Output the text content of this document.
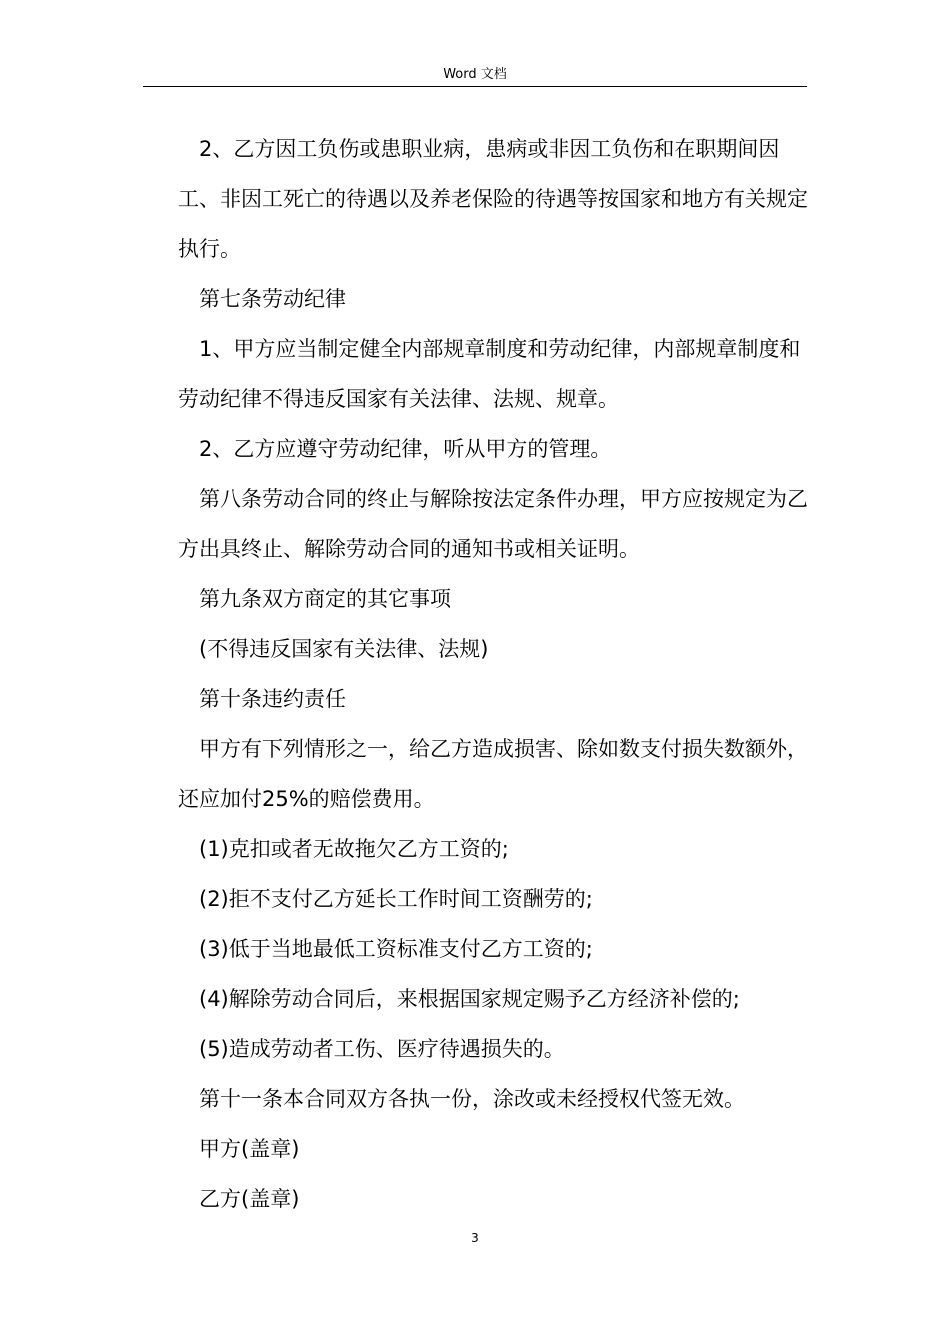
Word 文档

2、乙方因工负伤或患职业病，患病或非因工负伤和在职期间因工、非因工死亡的待遇以及养老保险的待遇等按国家和地方有关规定执行。

第七条劳动纪律

1、甲方应当制定健全内部规章制度和劳动纪律，内部规章制度和劳动纪律不得违反国家有关法律、法规、规章。

2、乙方应遵守劳动纪律，听从甲方的管理。

第八条劳动合同的终止与解除按法定条件办理，甲方应按规定为乙方出具终止、解除劳动合同的通知书或相关证明。

第九条双方商定的其它事项

(不得违反国家有关法律、法规)

第十条违约责任

甲方有下列情形之一，给乙方造成损害、除如数支付损失数额外，还应加付25%的赔偿费用。

(1)克扣或者无故拖欠乙方工资的;

(2)拒不支付乙方延长工作时间工资酬劳的;

(3)低于当地最低工资标准支付乙方工资的;

(4)解除劳动合同后，来根据国家规定赐予乙方经济补偿的;

(5)造成劳动者工伤、医疗待遇损失的。

第十一条本合同双方各执一份，涂改或未经授权代签无效。

甲方(盖章)

乙方(盖章)

3
